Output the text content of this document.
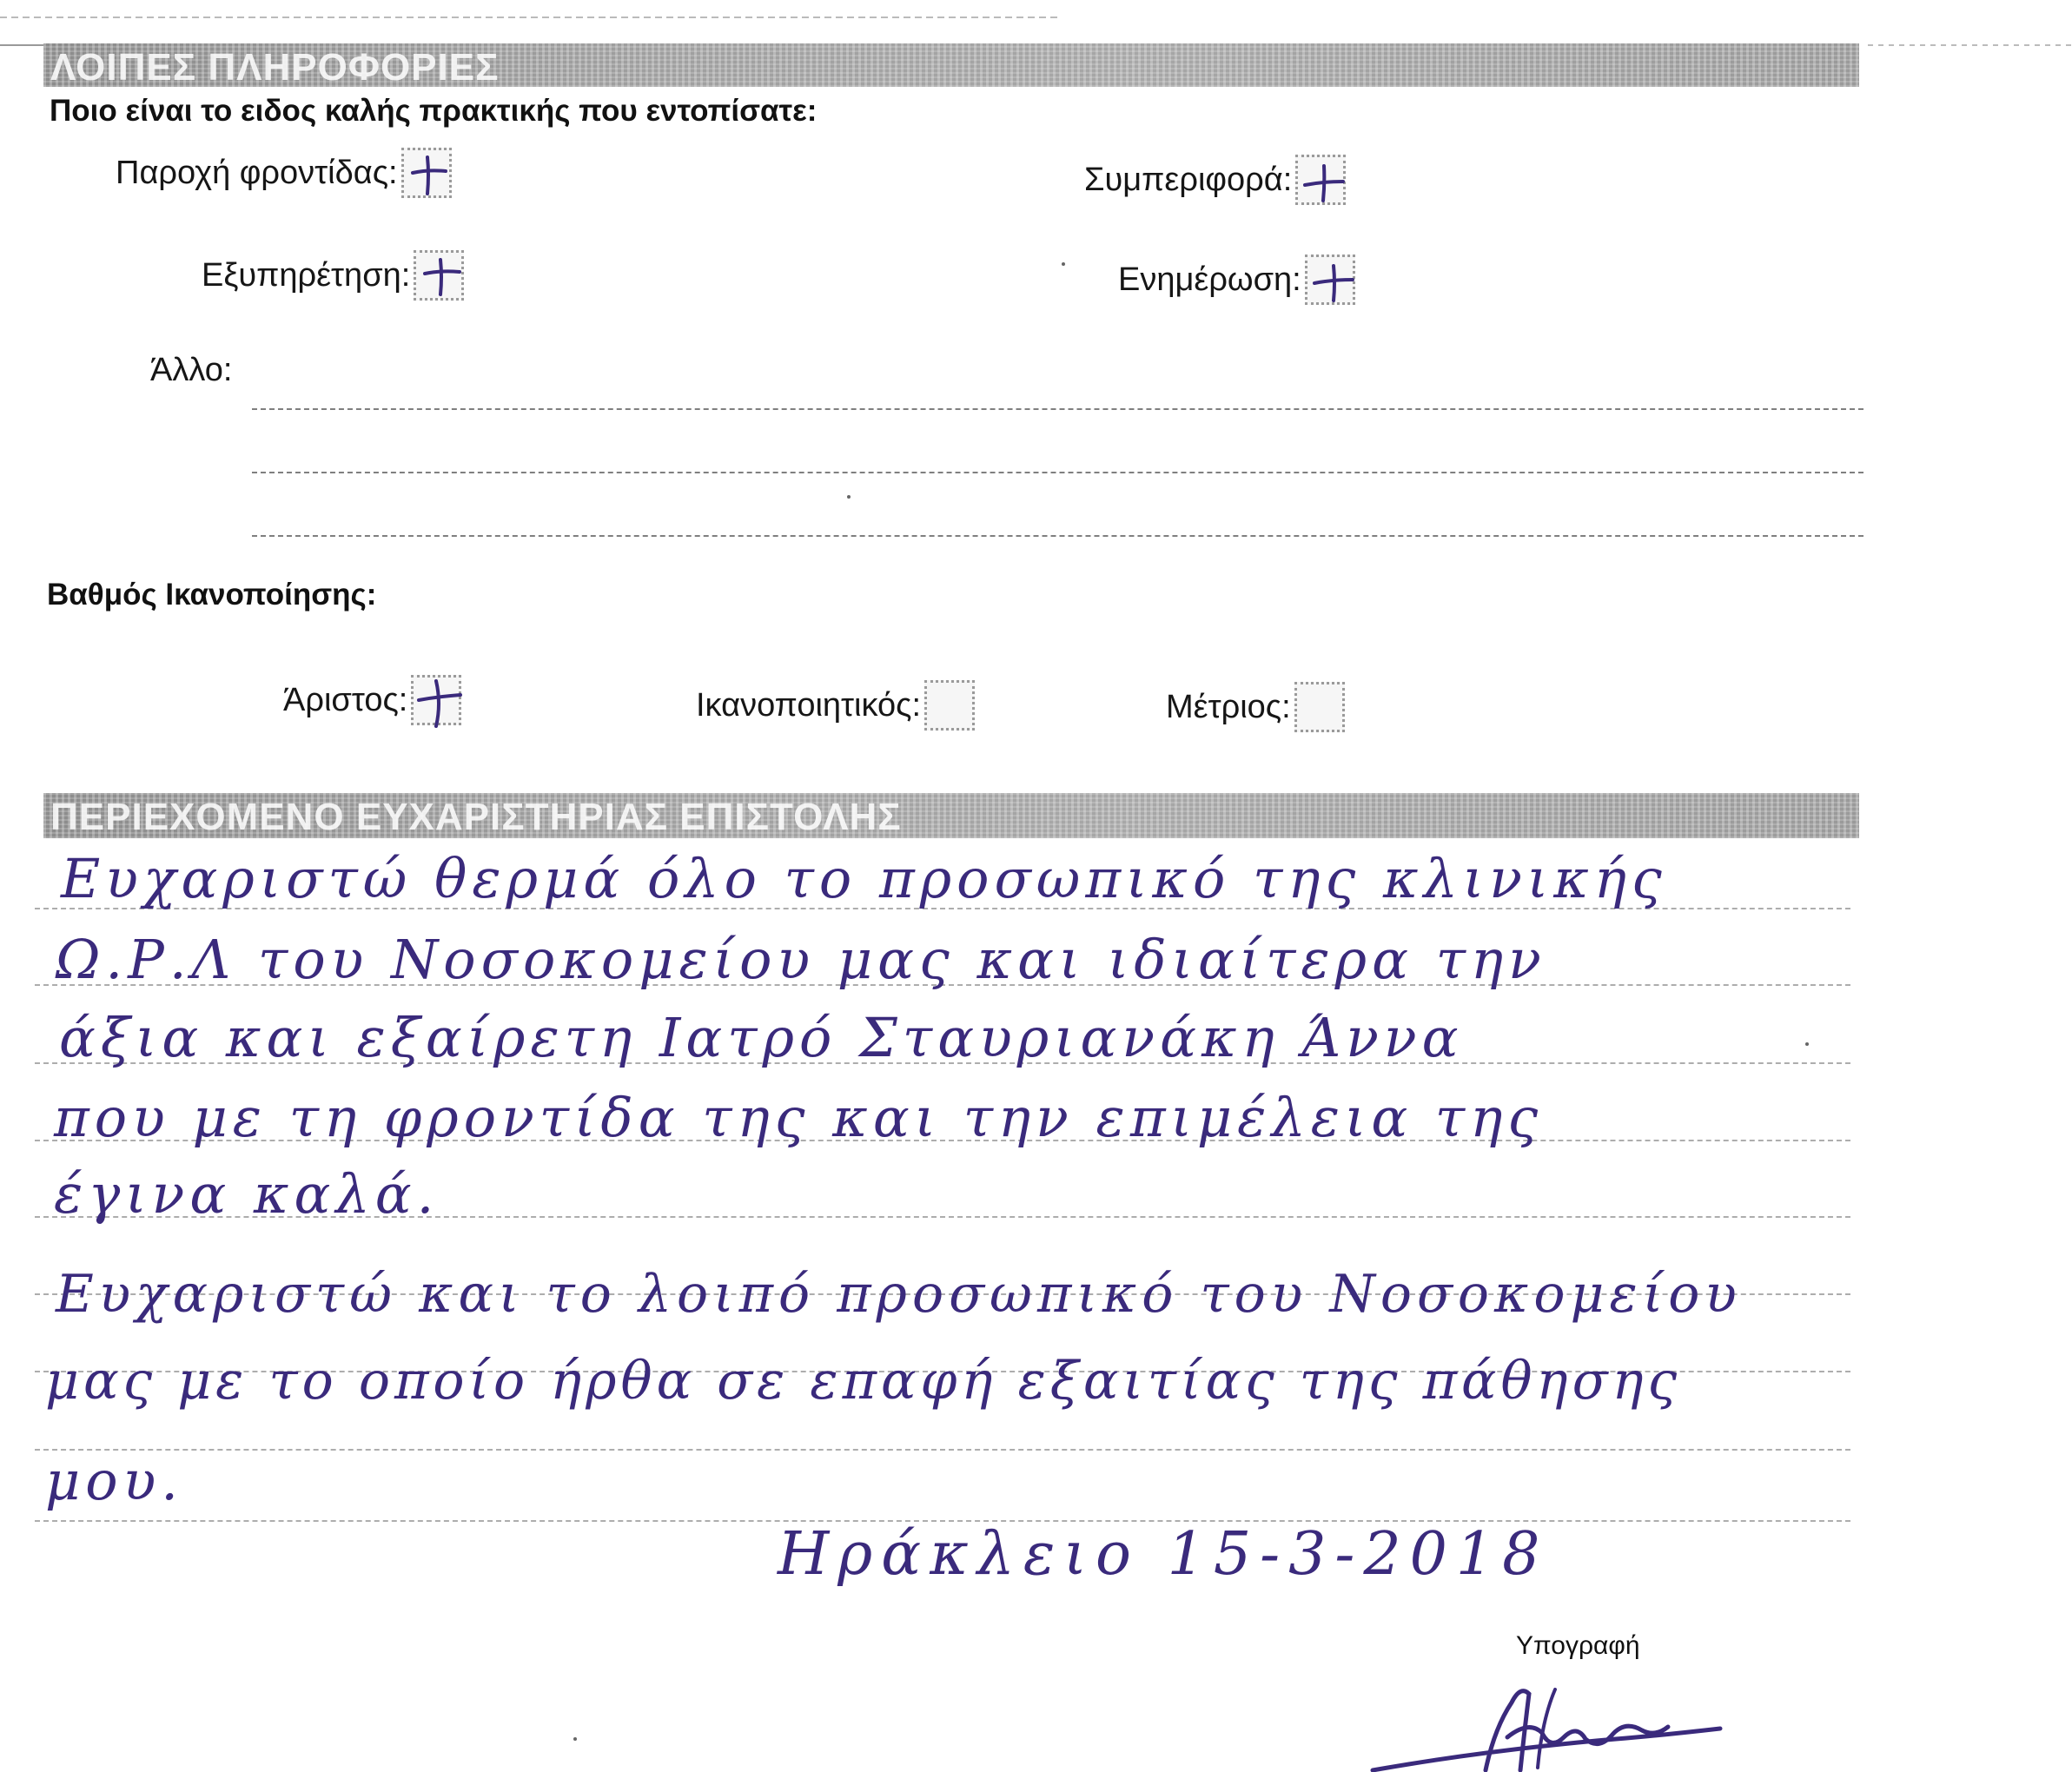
ΛΟΙΠΕΣ ΠΛΗΡΟΦΟΡΙΕΣ
Ποιο είναι το ειδος καλής πρακτικής που εντοπίσατε:
Παροχή φροντίδας:	Συμπεριφορά:
Εξυπηρέτηση:	Ενημέρωση:
Άλλο:
Βαθμός Ικανοποίησης:
Άριστος:	Ικανοποιητικός:	Μέτριος:
ΠΕΡΙΕΧΟΜΕΝΟ ΕΥΧΑΡΙΣΤΗΡΙΑΣ ΕΠΙΣΤΟΛΗΣ
Ευχαριστώ θερμά όλο το προσωπικό της κλινικής
Ω.Ρ.Λ του Νοσοκομείου μας και ιδιαίτερα την
άξια και εξαίρετη Ιατρό Σταυριανάκη Άννα
που με τη φροντίδα της και την επιμέλεια της
έγινα καλά.
Ευχαριστώ και το λοιπό προσωπικό του Νοσοκομείου
μας με το οποίο ήρθα σε επαφή εξαιτίας της πάθησης
μου.
Ηράκλειο 15-3-2018
Υπογραφή
